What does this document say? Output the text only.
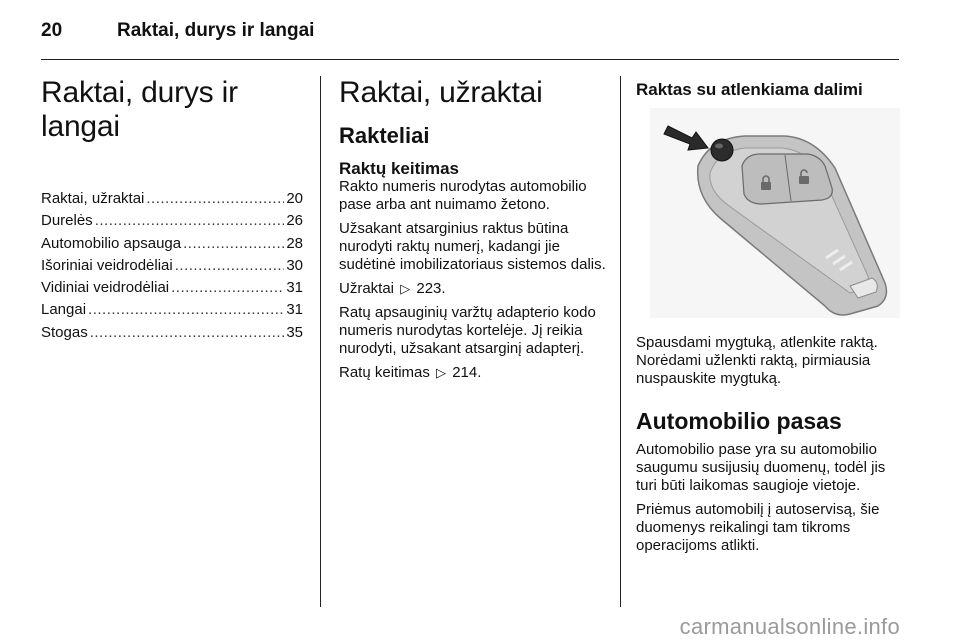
20	Raktai, durys ir langai
Raktai, durys ir langai
Raktai, užraktai .....	20
Durelės .....	26
Automobilio apsauga .....	28
Išoriniai veidrodėliai .....	30
Vidiniai veidrodėliai .....	31
Langai .....	31
Stogas .....	35
Raktai, užraktai
Rakteliai
Raktų keitimas

Rakto numeris nurodytas automobilio pase arba ant nuimamo žetono.

Užsakant atsarginius raktus būtina nurodyti raktų numerį, kadangi jie sudėtinė imobilizatoriaus sistemos dalis.

Užraktai ▷ 223.

Ratų apsauginių varžtų adapterio kodo numeris nurodytas kortelėje. Jį reikia nurodyti, užsakant atsarginį adapterį.

Ratų keitimas ▷ 214.

Raktas su atlenkiama dalimi

Spausdami mygtuką, atlenkite raktą. Norėdami užlenkti raktą, pirmiausia nuspauskite mygtuką.

Automobilio pasas

Automobilio pase yra su automobilio saugumu susijusių duomenų, todėl jis turi būti laikomas saugioje vietoje.

Priėmus automobilį į autoservisą, šie duomenys reikalingi tam tikroms operacijoms atlikti.

carmanualsonline.info
